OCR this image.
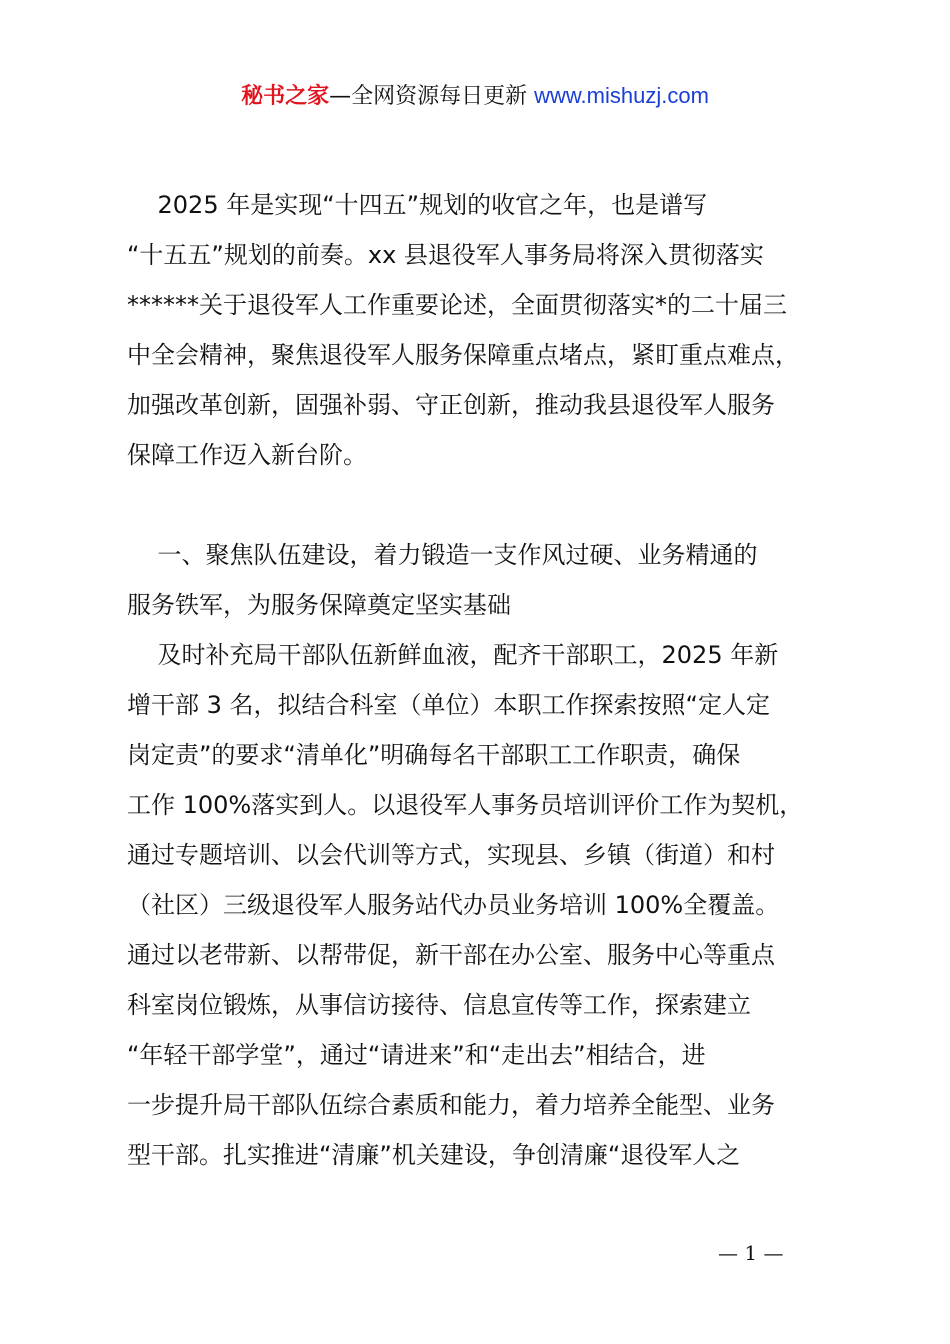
秘书之家—全网资源每日更新 www.mishuzj.com
2025 年是实现“十四五”规划的收官之年，也是谱写
“十五五”规划的前奏。xx 县退役军人事务局将深入贯彻落实
******关于退役军人工作重要论述，全面贯彻落实*的二十届三
中全会精神，聚焦退役军人服务保障重点堵点，紧盯重点难点，
加强改革创新，固强补弱、守正创新，推动我县退役军人服务
保障工作迈入新台阶。
一、聚焦队伍建设，着力锻造一支作风过硬、业务精通的
服务铁军，为服务保障奠定坚实基础
及时补充局干部队伍新鲜血液，配齐干部职工，2025 年新
增干部 3 名，拟结合科室（单位）本职工作探索按照“定人定
岗定责”的要求“清单化”明确每名干部职工工作职责，确保
工作 100%落实到人。以退役军人事务员培训评价工作为契机，
通过专题培训、以会代训等方式，实现县、乡镇（街道）和村
（社区）三级退役军人服务站代办员业务培训 100%全覆盖。
通过以老带新、以帮带促，新干部在办公室、服务中心等重点
科室岗位锻炼，从事信访接待、信息宣传等工作，探索建立
“年轻干部学堂”，通过“请进来”和“走出去”相结合，进
一步提升局干部队伍综合素质和能力，着力培养全能型、业务
型干部。扎实推进“清廉”机关建设，争创清廉“退役军人之
— 1 —
